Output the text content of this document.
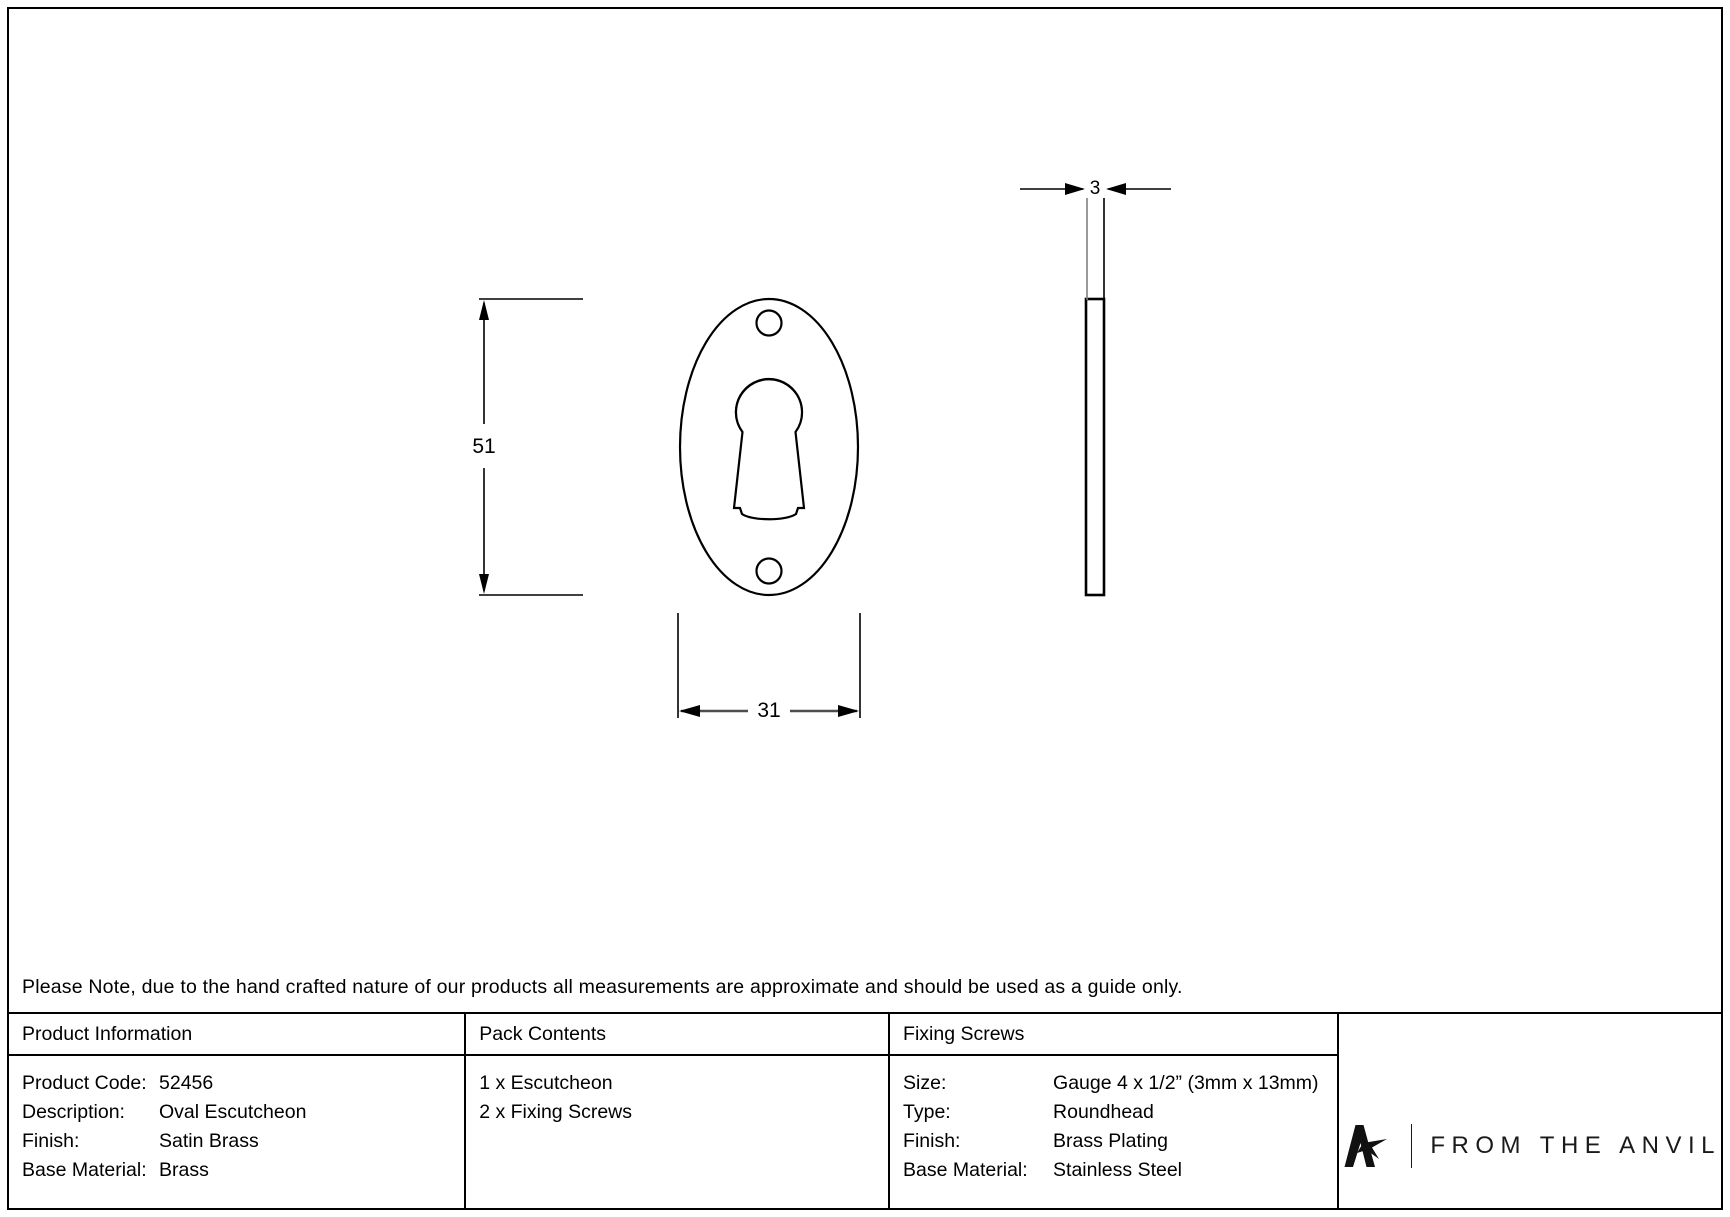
51
31
3
Please Note, due to the hand crafted nature of our products all measurements are approximate and should be used as a guide only.
Product Information
Product Code: 52456
Description:	Oval Escutcheon
Finish:	Satin Brass
Base Material: Brass
Pack Contents
1 x Escutcheon
2 x Fixing Screws
Fixing Screws
Size:	Gauge 4 x 1/2” (3mm x 13mm)
Type:	Roundhead
Finish:	Brass Plating
Base Material:	Stainless Steel
FROM THE ANVIL
